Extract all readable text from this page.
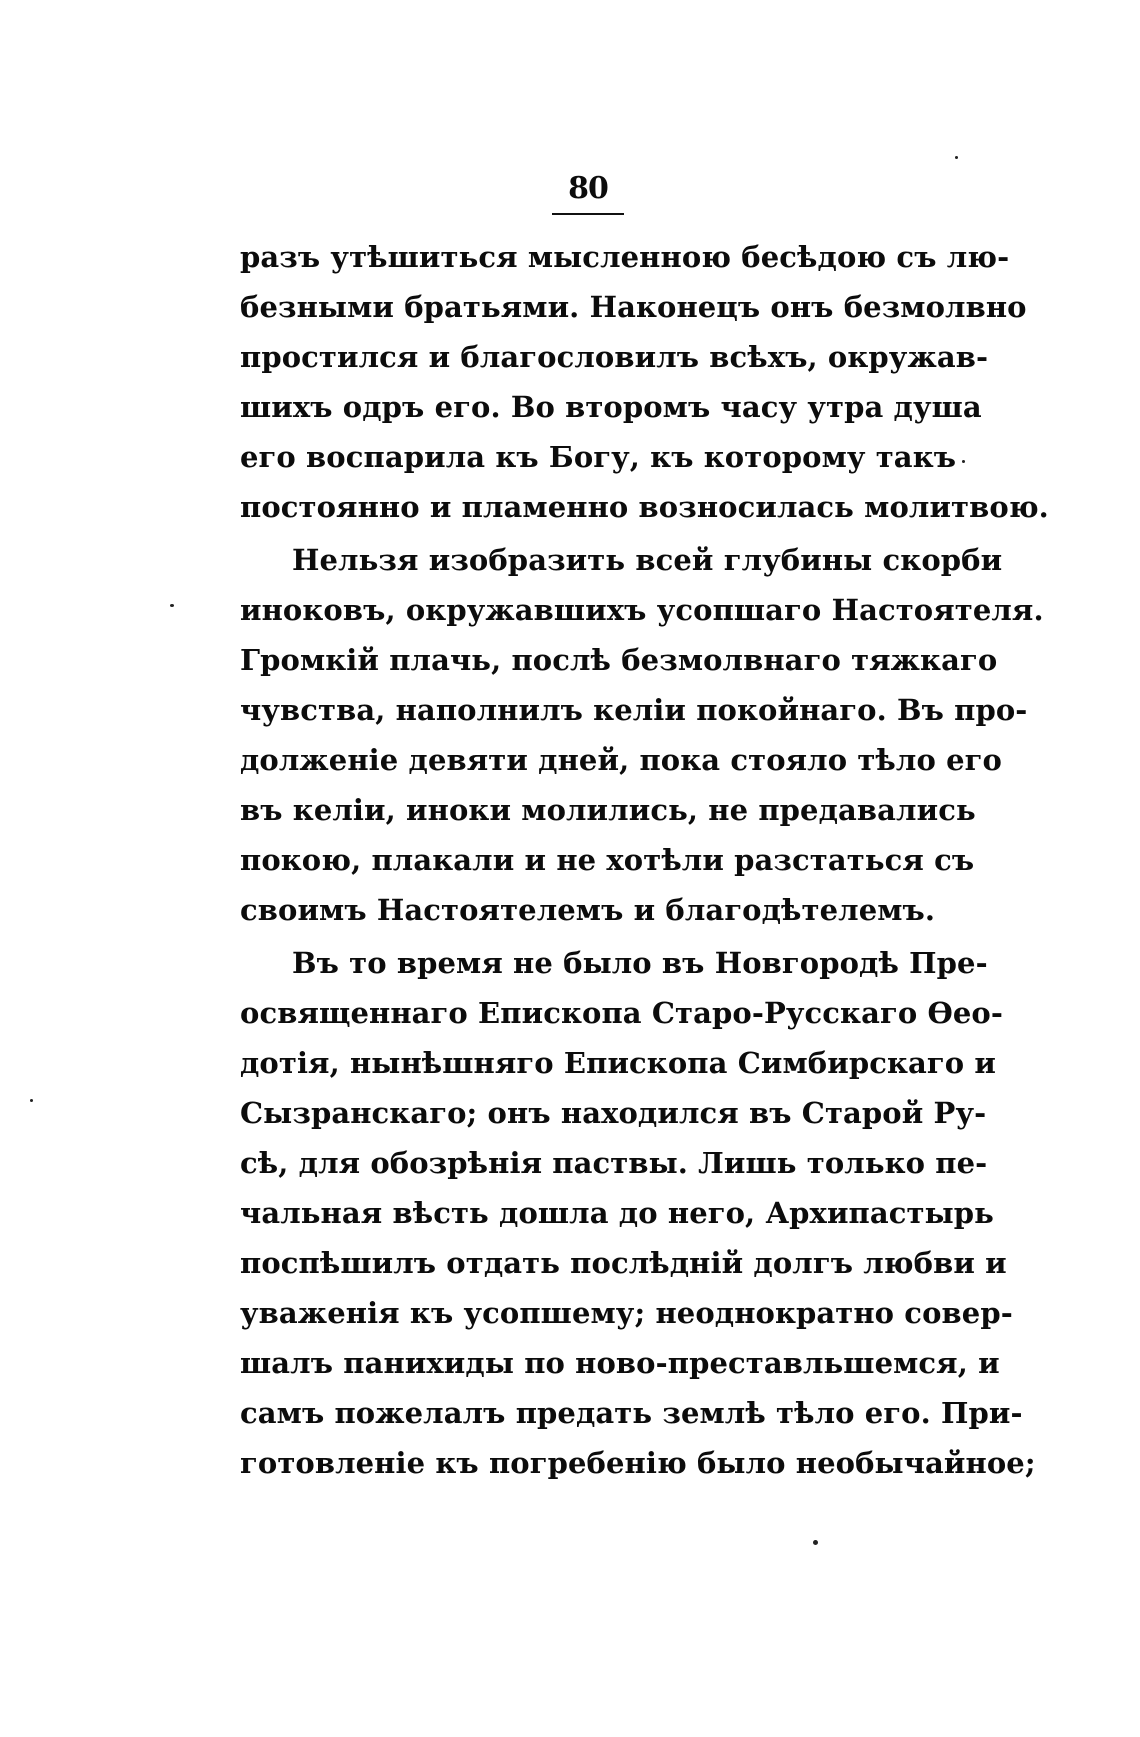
80
разъ утѣшиться мысленною бесѣдою съ лю-
безными братьями. Наконецъ онъ безмолвно
простился и благословилъ всѣхъ, окружав-
шихъ одръ его. Во второмъ часу утра душа
его воспарила къ Богу, къ которому такъ
постоянно и пламенно возносилась молитвою.
Нельзя изобразить всей глубины скорби
иноковъ, окружавшихъ усопшаго Настоятеля.
Громкій плачь, послѣ безмолвнаго тяжкаго
чувства, наполнилъ келіи покойнаго. Въ про-
долженіе девяти дней, пока стояло тѣло его
въ келіи, иноки молились, не предавались
покою, плакали и не хотѣли разстаться съ
своимъ Настоятелемъ и благодѣтелемъ.
Въ то время не было въ Новгородѣ Пре-
освященнаго Епископа Старо-Русскаго Ѳео-
дотія, нынѣшняго Епископа Симбирскаго и
Сызранскаго; онъ находился въ Старой Ру-
сѣ, для обозрѣнія паствы. Лишь только пе-
чальная вѣсть дошла до него, Архипастырь
поспѣшилъ отдать послѣдній долгъ любви и
уваженія къ усопшему; неоднократно совер-
шалъ панихиды по ново-преставльшемся, и
самъ пожелалъ предать землѣ тѣло его. При-
готовленіе къ погребенію было необычайное;
